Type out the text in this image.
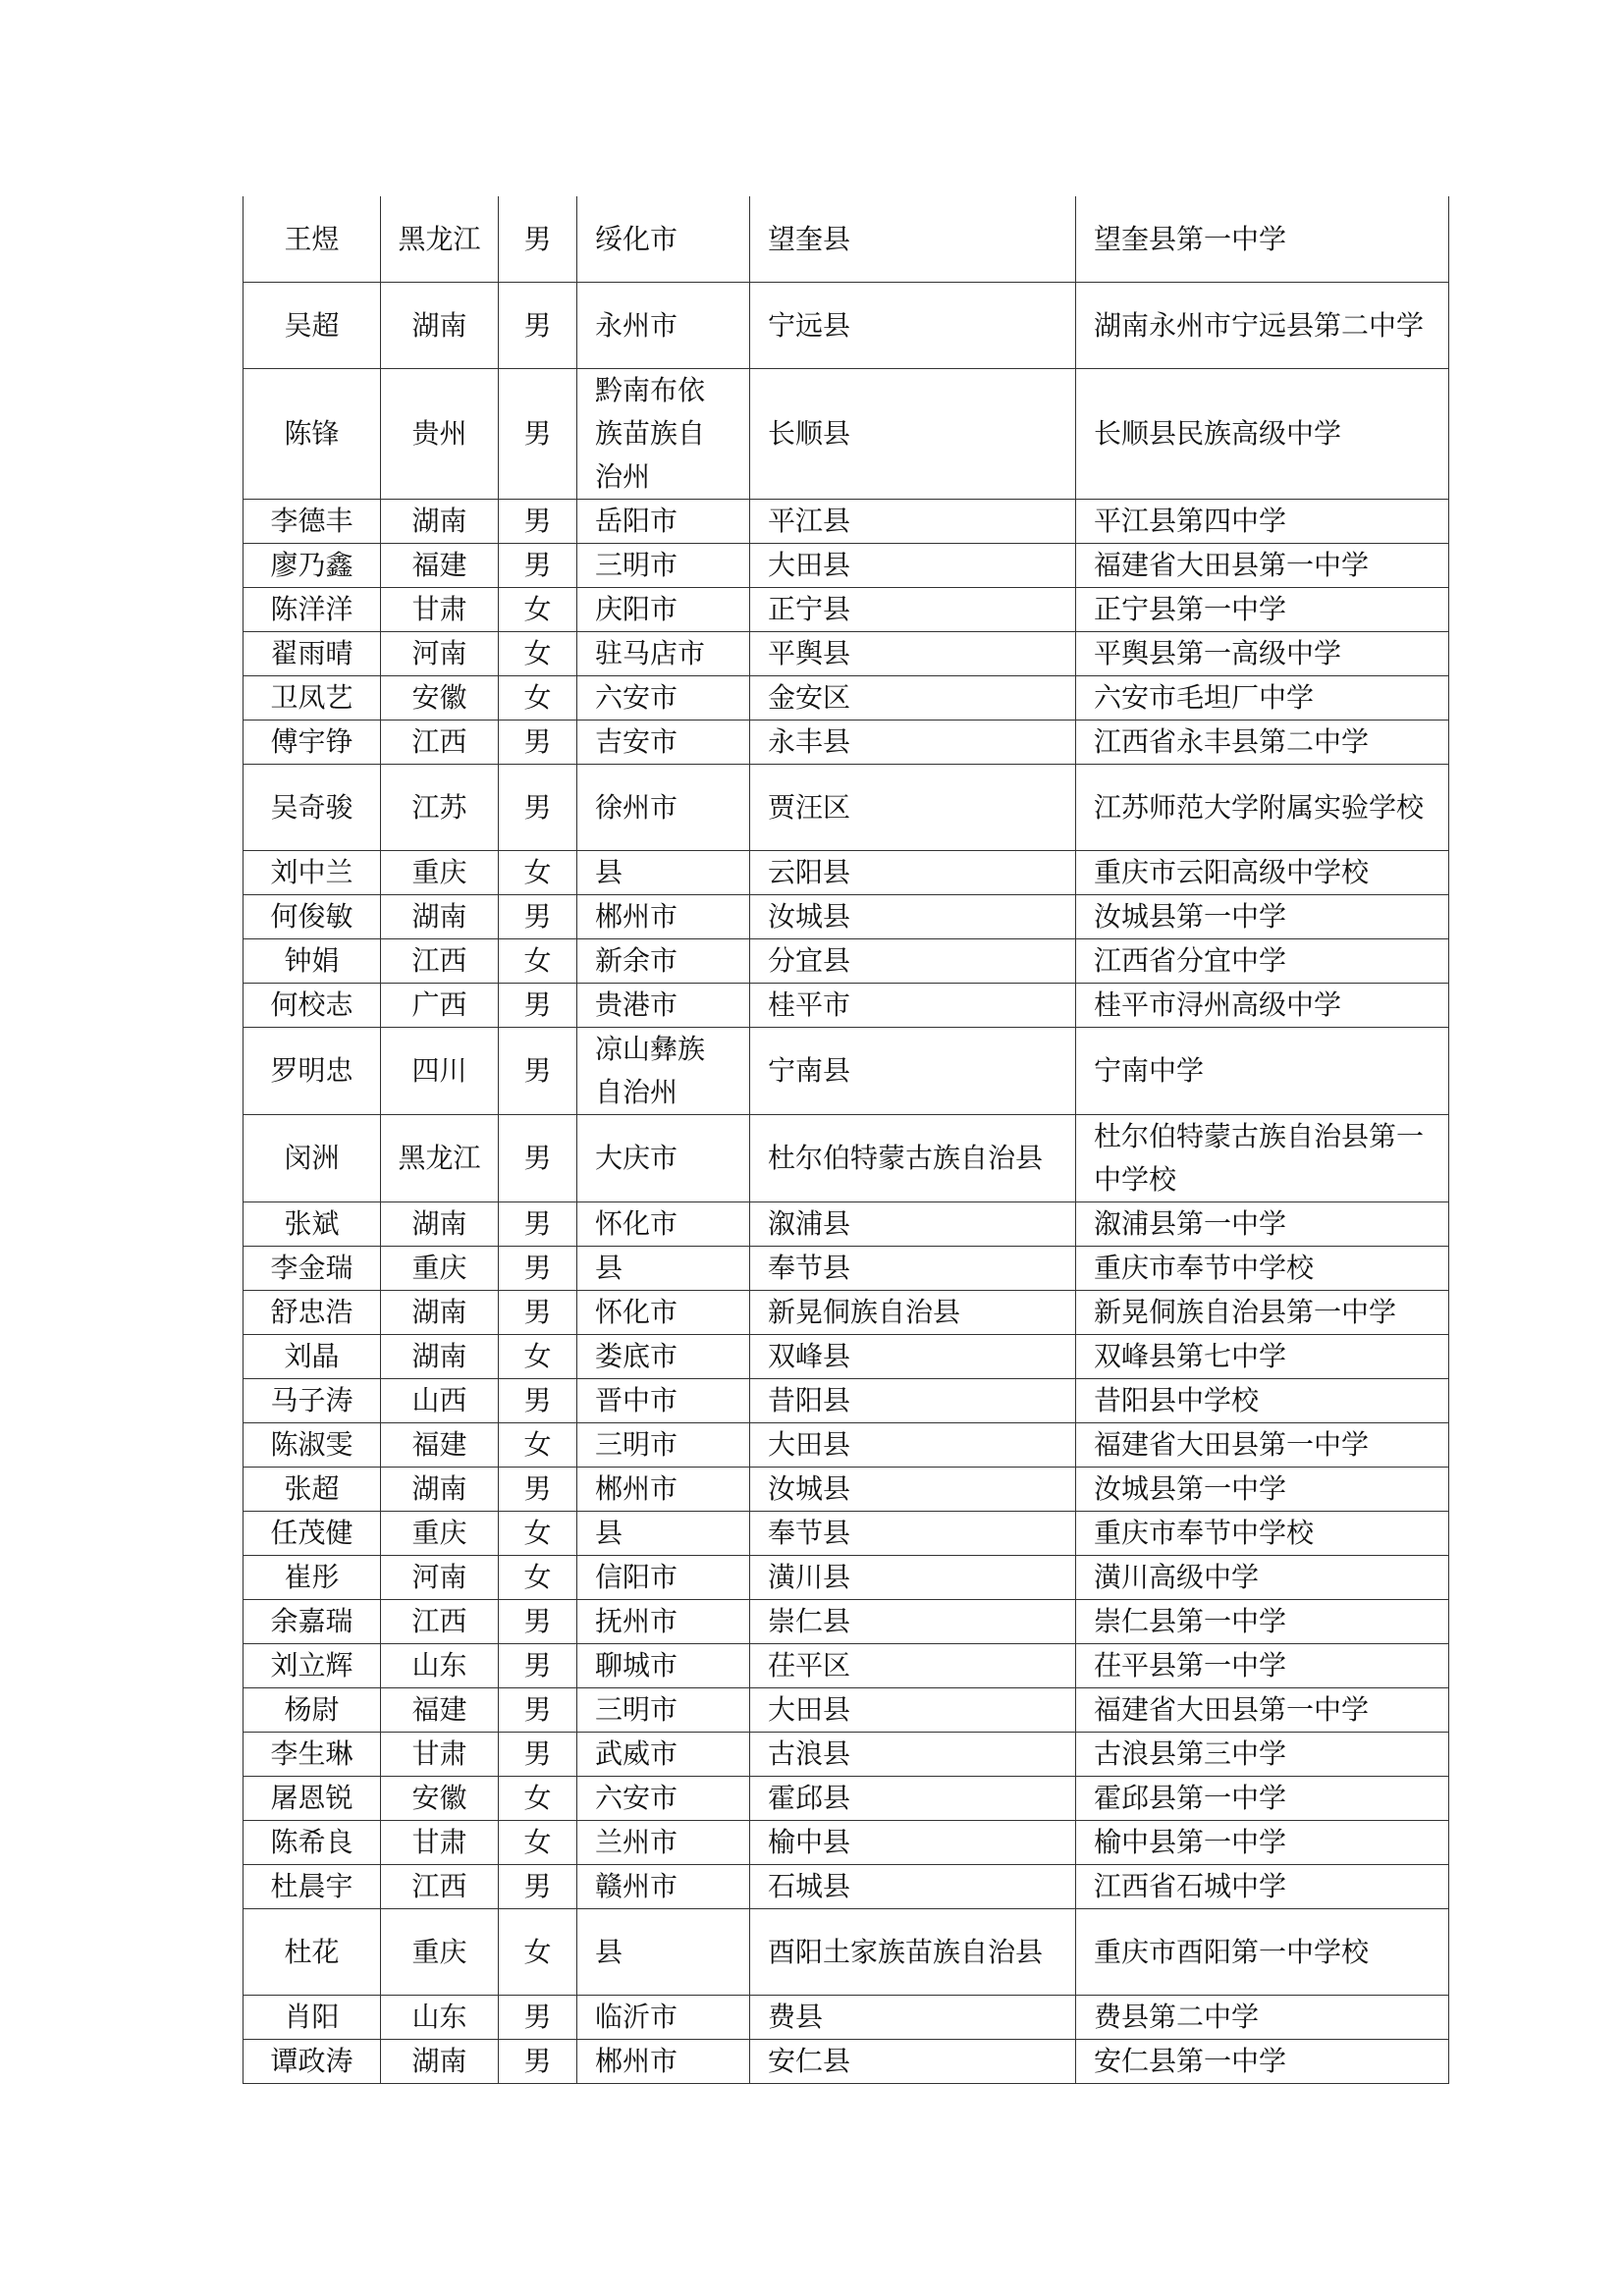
王煜	黑龙江	男	绥化市	望奎县	望奎县第一中学
吴超	湖南	男	永州市	宁远县	湖南永州市宁远县第二中学
陈锋	贵州	男	黔南布依族苗族自治州	长顺县	长顺县民族高级中学
李德丰	湖南	男	岳阳市	平江县	平江县第四中学
廖乃鑫	福建	男	三明市	大田县	福建省大田县第一中学
陈洋洋	甘肃	女	庆阳市	正宁县	正宁县第一中学
翟雨晴	河南	女	驻马店市	平舆县	平舆县第一高级中学
卫凤艺	安徽	女	六安市	金安区	六安市毛坦厂中学
傅宇铮	江西	男	吉安市	永丰县	江西省永丰县第二中学
吴奇骏	江苏	男	徐州市	贾汪区	江苏师范大学附属实验学校
刘中兰	重庆	女	县	云阳县	重庆市云阳高级中学校
何俊敏	湖南	男	郴州市	汝城县	汝城县第一中学
钟娟	江西	女	新余市	分宜县	江西省分宜中学
何校志	广西	男	贵港市	桂平市	桂平市浔州高级中学
罗明忠	四川	男	凉山彝族自治州	宁南县	宁南中学
闵洲	黑龙江	男	大庆市	杜尔伯特蒙古族自治县	杜尔伯特蒙古族自治县第一中学校
张斌	湖南	男	怀化市	溆浦县	溆浦县第一中学
李金瑞	重庆	男	县	奉节县	重庆市奉节中学校
舒忠浩	湖南	男	怀化市	新晃侗族自治县	新晃侗族自治县第一中学
刘晶	湖南	女	娄底市	双峰县	双峰县第七中学
马子涛	山西	男	晋中市	昔阳县	昔阳县中学校
陈淑雯	福建	女	三明市	大田县	福建省大田县第一中学
张超	湖南	男	郴州市	汝城县	汝城县第一中学
任茂健	重庆	女	县	奉节县	重庆市奉节中学校
崔彤	河南	女	信阳市	潢川县	潢川高级中学
余嘉瑞	江西	男	抚州市	崇仁县	崇仁县第一中学
刘立辉	山东	男	聊城市	茌平区	茌平县第一中学
杨尉	福建	男	三明市	大田县	福建省大田县第一中学
李生琳	甘肃	男	武威市	古浪县	古浪县第三中学
屠恩锐	安徽	女	六安市	霍邱县	霍邱县第一中学
陈希良	甘肃	女	兰州市	榆中县	榆中县第一中学
杜晨宇	江西	男	赣州市	石城县	江西省石城中学
杜花	重庆	女	县	酉阳土家族苗族自治县	重庆市酉阳第一中学校
肖阳	山东	男	临沂市	费县	费县第二中学
谭政涛	湖南	男	郴州市	安仁县	安仁县第一中学
